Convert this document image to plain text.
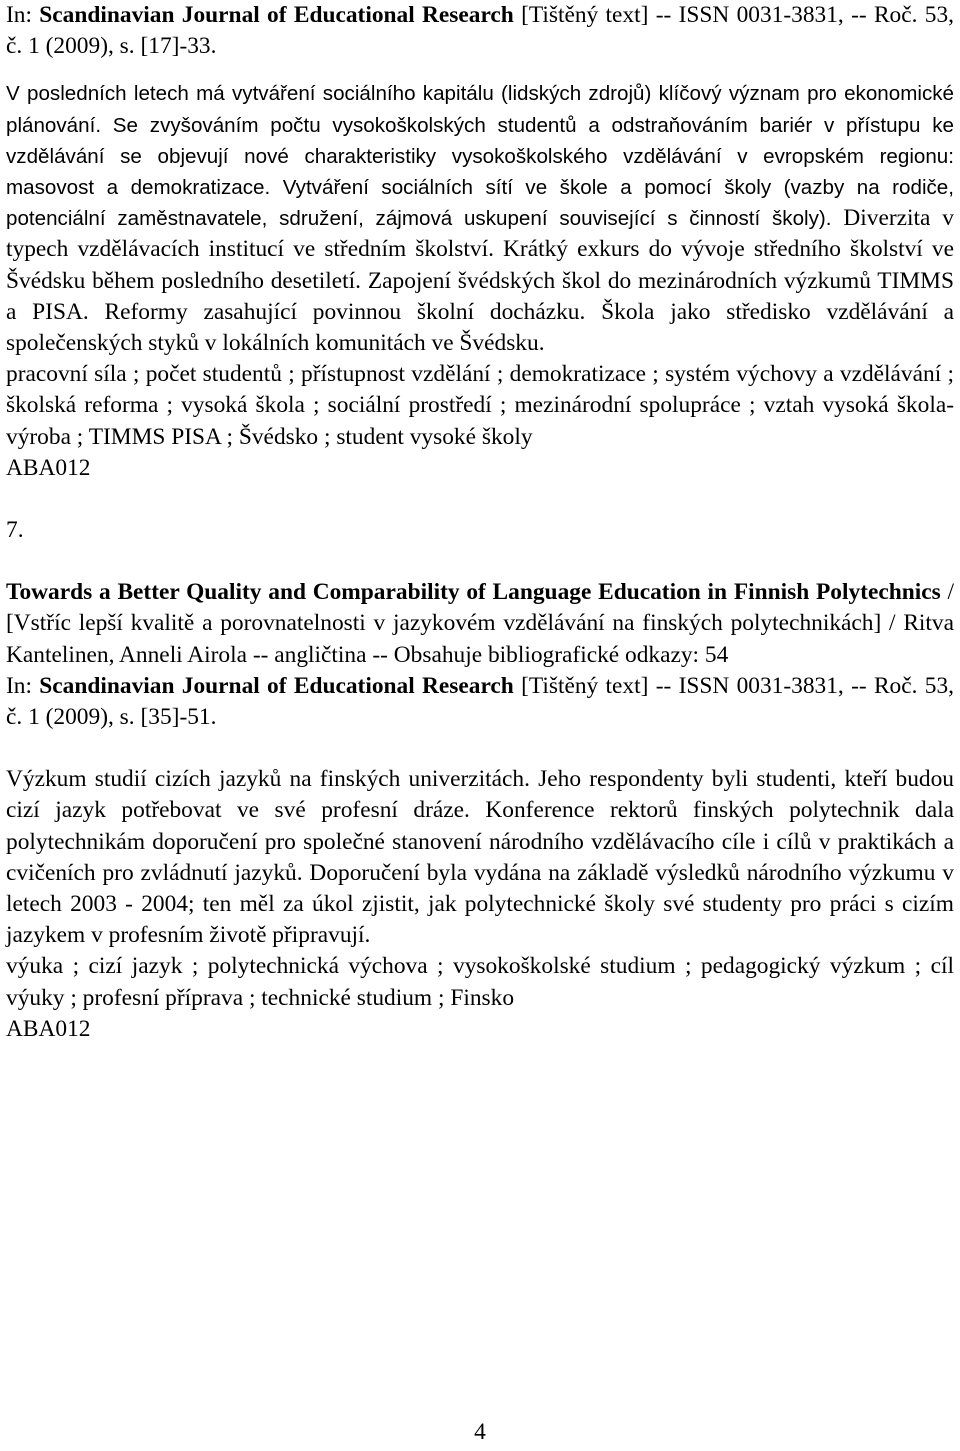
In: Scandinavian Journal of Educational Research [Tištěný text] -- ISSN 0031-3831, -- Roč. 53, č. 1 (2009), s. [17]-33.

V posledních letech má vytváření sociálního kapitálu (lidských zdrojů) klíčový význam pro ekonomické plánování. Se zvyšováním počtu vysokoškolských studentů a odstraňováním bariér v přístupu ke vzdělávání se objevují nové charakteristiky vysokoškolského vzdělávání v evropském regionu: masovost a demokratizace. Vytváření sociálních sítí ve škole a pomocí školy (vazby na rodiče, potenciální zaměstnavatele, sdružení, zájmová uskupení související s činností školy). Diverzita v typech vzdělávacích institucí ve středním školství. Krátký exkurs do vývoje středního školství ve Švédsku během posledního desetiletí. Zapojení švédských škol do mezinárodních výzkumů TIMMS a PISA. Reformy zasahující povinnou školní docházku. Škola jako středisko vzdělávání a společenských styků v lokálních komunitách ve Švédsku.

pracovní síla ; počet studentů ; přístupnost vzdělání ; demokratizace ; systém výchovy a vzdělávání ; školská reforma ; vysoká škola ; sociální prostředí ; mezinárodní spolupráce ; vztah vysoká škola-výroba ; TIMMS PISA ; Švédsko ; student vysoké školy

ABA012

7.

Towards a Better Quality and Comparability of Language Education in Finnish Polytechnics / [Vstříc lepší kvalitě a porovnatelnosti v jazykovém vzdělávání na finských polytechnikách] / Ritva Kantelinen, Anneli Airola -- angličtina -- Obsahuje bibliografické odkazy: 54

In: Scandinavian Journal of Educational Research [Tištěný text] -- ISSN 0031-3831, -- Roč. 53, č. 1 (2009), s. [35]-51.

Výzkum studií cizích jazyků na finských univerzitách. Jeho respondenty byli studenti, kteří budou cizí jazyk potřebovat ve své profesní dráze. Konference rektorů finských polytechnik dala polytechnikám doporučení pro společné stanovení národního vzdělávacího cíle i cílů v praktikách a cvičeních pro zvládnutí jazyků. Doporučení byla vydána na základě výsledků národního výzkumu v letech 2003 - 2004; ten měl za úkol zjistit, jak polytechnické školy své studenty pro práci s cizím jazykem v profesním životě připravují.

výuka ; cizí jazyk ; polytechnická výchova ; vysokoškolské studium ; pedagogický výzkum ; cíl výuky ; profesní příprava ; technické studium ; Finsko

ABA012

4
